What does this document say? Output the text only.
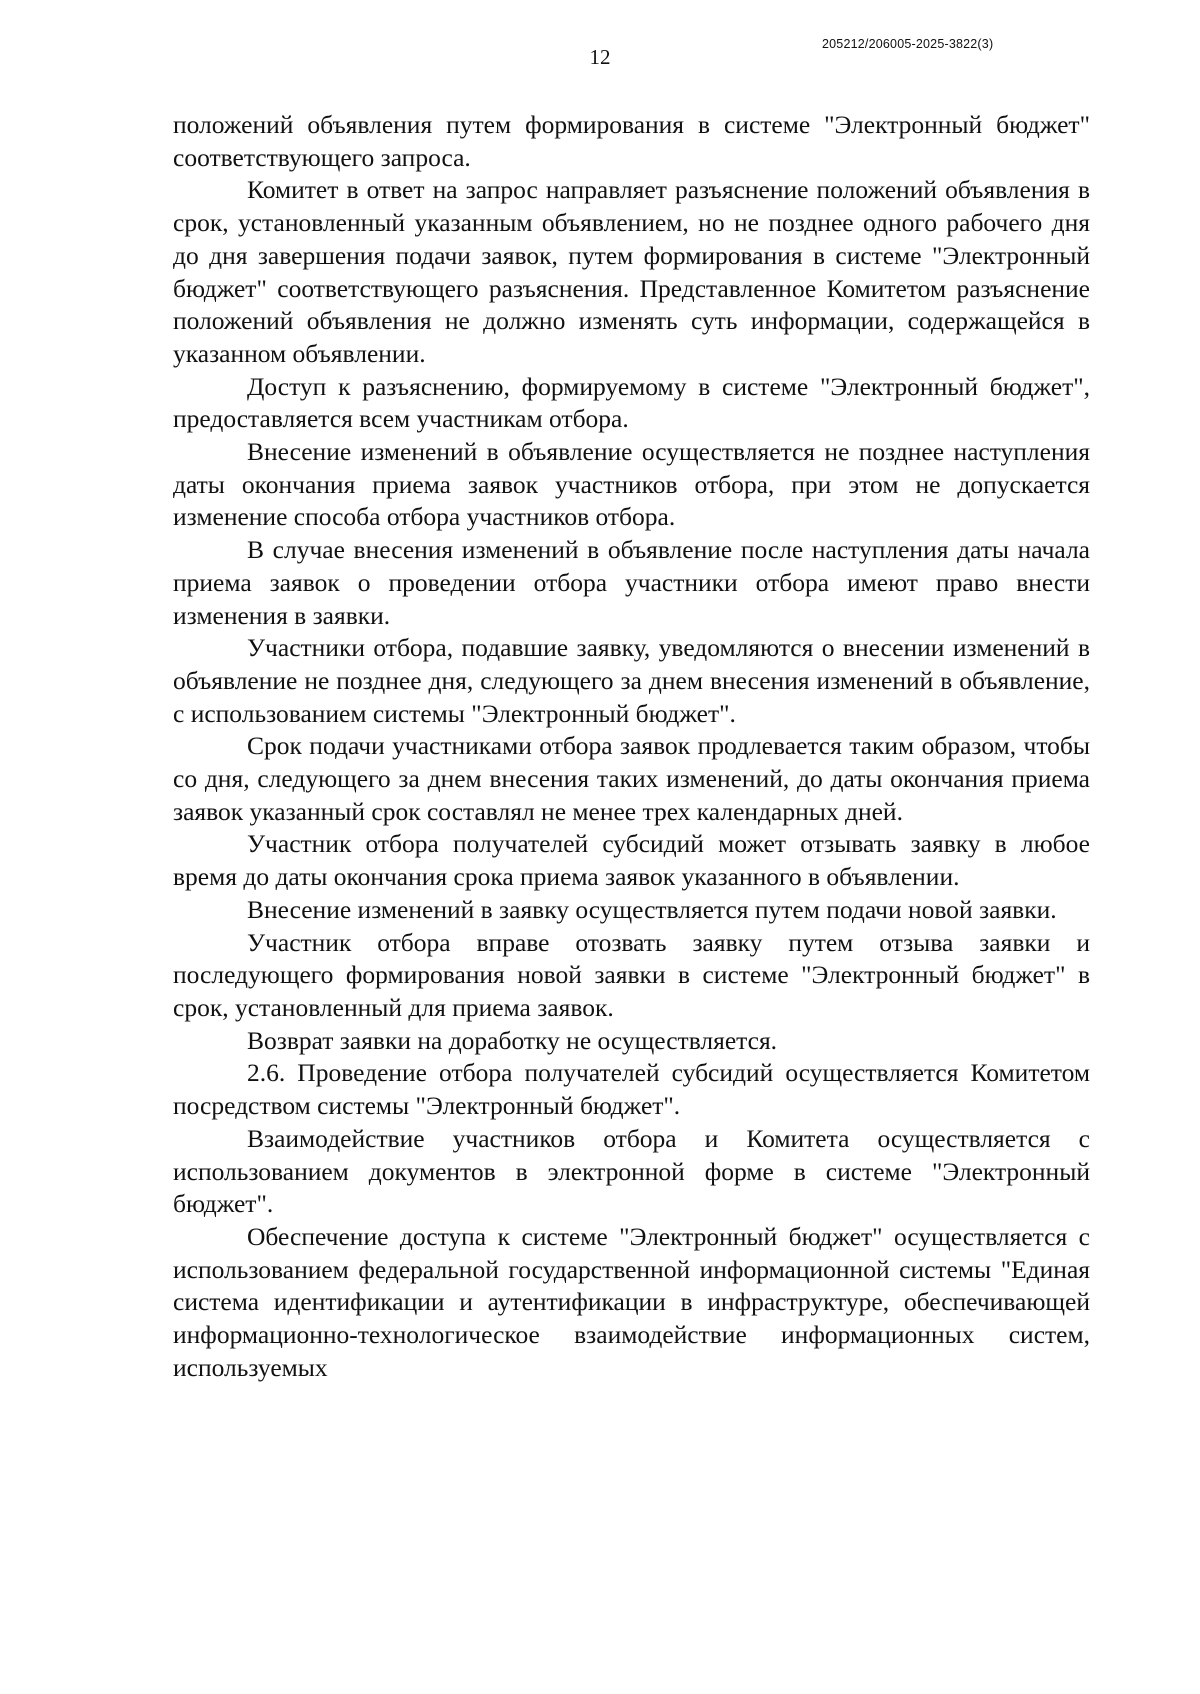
12
205212/206005-2025-3822(3)

положений объявления путем формирования в системе "Электронный бюджет" соответствующего запроса.

Комитет в ответ на запрос направляет разъяснение положений объявления в срок, установленный указанным объявлением, но не позднее одного рабочего дня до дня завершения подачи заявок, путем формирования в системе "Электронный бюджет" соответствующего разъяснения. Представленное Комитетом разъяснение положений объявления не должно изменять суть информации, содержащейся в указанном объявлении.

Доступ к разъяснению, формируемому в системе "Электронный бюджет", предоставляется всем участникам отбора.

Внесение изменений в объявление осуществляется не позднее наступления даты окончания приема заявок участников отбора, при этом не допускается изменение способа отбора участников отбора.

В случае внесения изменений в объявление после наступления даты начала приема заявок о проведении отбора участники отбора имеют право внести изменения в заявки.

Участники отбора, подавшие заявку, уведомляются о внесении изменений в объявление не позднее дня, следующего за днем внесения изменений в объявление, с использованием системы "Электронный бюджет".

Срок подачи участниками отбора заявок продлевается таким образом, чтобы со дня, следующего за днем внесения таких изменений, до даты окончания приема заявок указанный срок составлял не менее трех календарных дней.

Участник отбора получателей субсидий может отзывать заявку в любое время до даты окончания срока приема заявок указанного в объявлении.

Внесение изменений в заявку осуществляется путем подачи новой заявки.

Участник отбора вправе отозвать заявку путем отзыва заявки и последующего формирования новой заявки в системе "Электронный бюджет" в срок, установленный для приема заявок.

Возврат заявки на доработку не осуществляется.

2.6. Проведение отбора получателей субсидий осуществляется Комитетом посредством системы "Электронный бюджет".

Взаимодействие участников отбора и Комитета осуществляется с использованием документов в электронной форме в системе "Электронный бюджет".

Обеспечение доступа к системе "Электронный бюджет" осуществляется с использованием федеральной государственной информационной системы "Единая система идентификации и аутентификации в инфраструктуре, обеспечивающей информационно-технологическое взаимодействие информационных систем, используемых
